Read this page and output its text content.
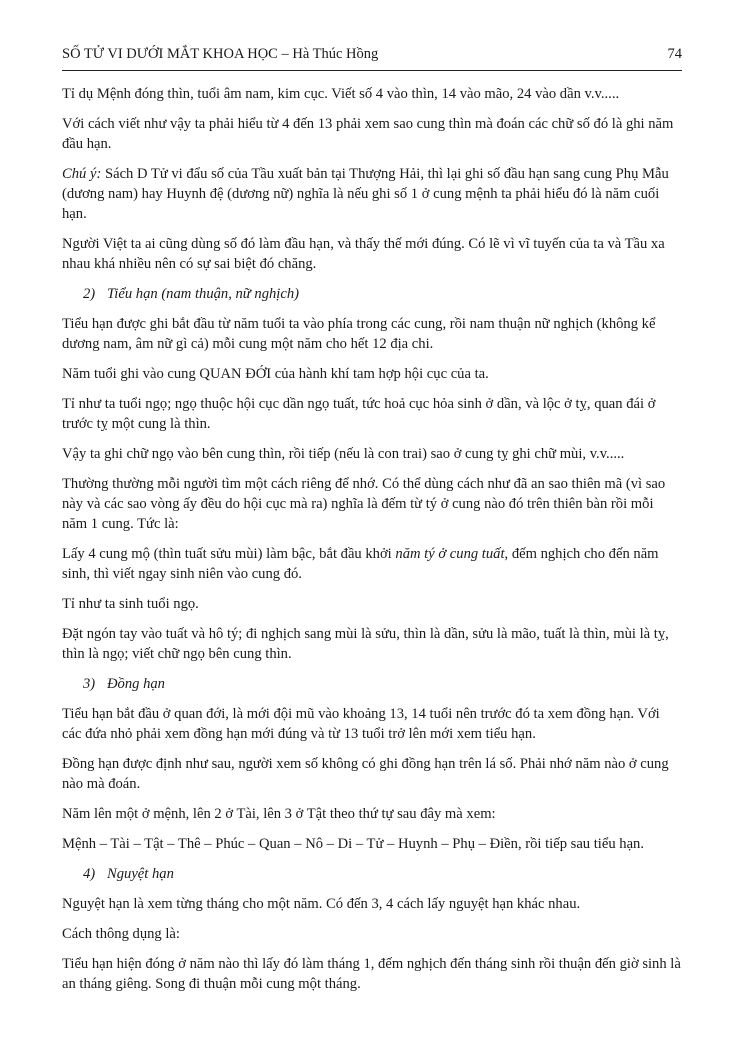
SỐ TỬ VI DƯỚI MẮT KHOA HỌC – Hà Thúc Hồng	74

Tỉ dụ Mệnh đóng thìn, tuổi âm nam, kim cục. Viết số 4 vào thìn, 14 vào mão, 24 vào dần v.v.....

Với cách viết như vậy ta phải hiểu từ 4 đến 13 phải xem sao cung thìn mà đoán các chữ số đó là ghi năm đầu hạn.

Chú ý: Sách D Tử vi đẩu số của Tầu xuất bản tại Thượng Hải, thì lại ghi số đầu hạn sang cung Phụ Mẫu (dương nam) hay Huynh đệ (dương nữ) nghĩa là nếu ghi số 1 ở cung mệnh ta phải hiểu đó là năm cuối hạn.

Người Việt ta ai cũng dùng số đó làm đầu hạn, và thấy thế mới đúng. Có lẽ vì vĩ tuyến của ta và Tầu xa nhau khá nhiều nên có sự sai biệt đó chăng.

2) Tiểu hạn (nam thuận, nữ nghịch)

Tiểu hạn được ghi bắt đầu từ năm tuổi ta vào phía trong các cung, rồi nam thuận nữ nghịch (không kể dương nam, âm nữ gì cả) mỗi cung một năm cho hết 12 địa chi.

Năm tuổi ghi vào cung QUAN ĐỚI của hành khí tam hợp hội cục của ta.

Tỉ như ta tuổi ngọ; ngọ thuộc hội cục dần ngọ tuất, tức hoả cục hỏa sinh ở dần, và lộc ở tỵ, quan đái ở trước tỵ một cung là thìn.

Vậy ta ghi chữ ngọ vào bên cung thìn, rồi tiếp (nếu là con trai) sao ở cung tỵ ghi chữ mùi, v.v.....

Thường thường mỗi người tìm một cách riêng để nhớ. Có thể dùng cách như đã an sao thiên mã (vì sao này và các sao vòng ấy đều do hội cục mà ra) nghĩa là đếm từ tý ở cung nào đó trên thiên bàn rồi mỗi năm 1 cung. Tức là:

Lấy 4 cung mộ (thìn tuất sửu mùi) làm bậc, bắt đầu khởi năm tý ở cung tuất, đếm nghịch cho đến năm sinh, thì viết ngay sinh niên vào cung đó.

Tỉ như ta sinh tuổi ngọ.

Đặt ngón tay vào tuất và hô tý; đi nghịch sang mùi là sửu, thìn là dần, sửu là mão, tuất là thìn, mùi là tỵ, thìn là ngọ; viết chữ ngọ bên cung thìn.

3) Đồng hạn

Tiểu hạn bắt đầu ở quan đới, là mới đội mũ vào khoảng 13, 14 tuổi nên trước đó ta xem đồng hạn. Với các đứa nhỏ phải xem đồng hạn mới đúng và từ 13 tuổi trở lên mới xem tiểu hạn.

Đồng hạn được định như sau, người xem số không có ghi đồng hạn trên lá số. Phải nhớ năm nào ở cung nào mà đoán.

Năm lên một ở mệnh, lên 2 ở Tài, lên 3 ở Tật theo thứ tự sau đây mà xem:

Mệnh – Tài – Tật – Thê – Phúc – Quan – Nô – Di – Tử – Huynh – Phụ – Điền, rồi tiếp sau tiểu hạn.

4) Nguyệt hạn

Nguyệt hạn là xem từng tháng cho một năm. Có đến 3, 4 cách lấy nguyệt hạn khác nhau.

Cách thông dụng là:

Tiểu hạn hiện đóng ở năm nào thì lấy đó làm tháng 1, đếm nghịch đến tháng sinh rồi thuận đến giờ sinh là an tháng giêng. Song đi thuận mỗi cung một tháng.
